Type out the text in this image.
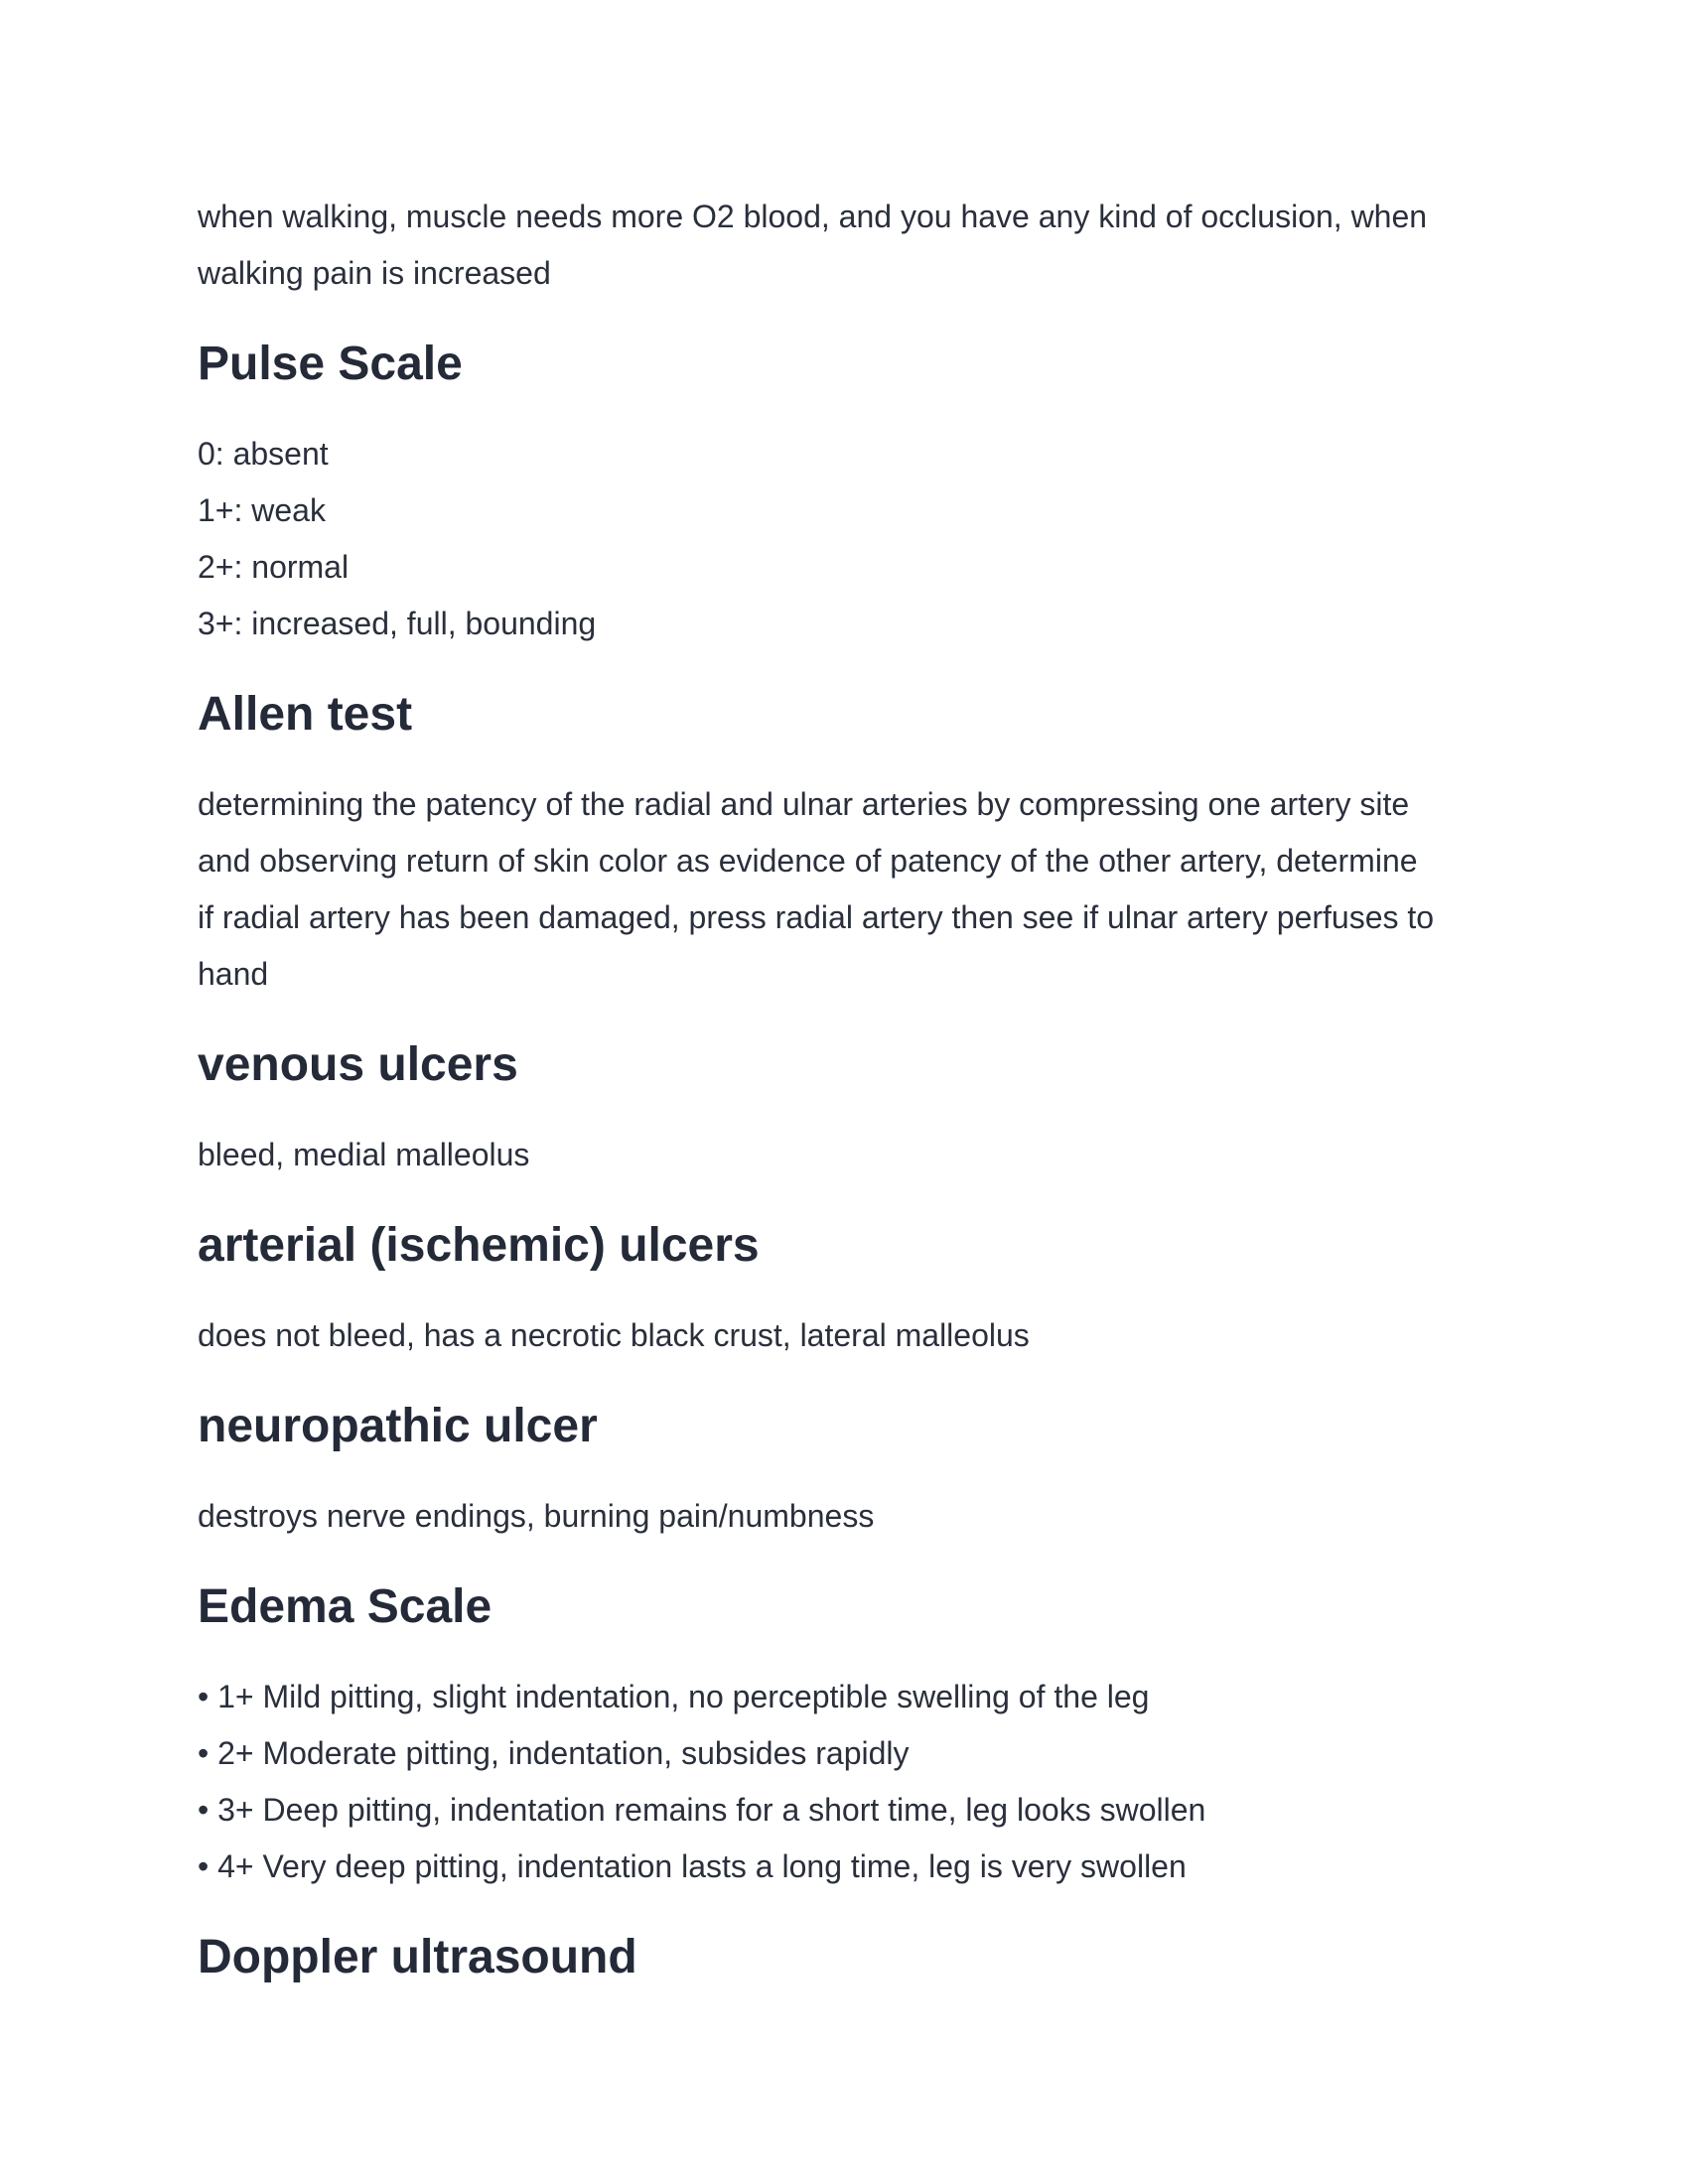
when walking, muscle needs more O2 blood, and you have any kind of occlusion, when
walking pain is increased

Pulse Scale
0: absent
1+: weak
2+: normal
3+: increased, full, bounding
Allen test

determining the patency of the radial and ulnar arteries by compressing one artery site
and observing return of skin color as evidence of patency of the other artery, determine
if radial artery has been damaged, press radial artery then see if ulnar artery perfuses to
hand

venous ulcers

bleed, medial malleolus

arterial (ischemic) ulcers

does not bleed, has a necrotic black crust, lateral malleolus

neuropathic ulcer

destroys nerve endings, burning pain/numbness

Edema Scale
• 1+ Mild pitting, slight indentation, no perceptible swelling of the leg
• 2+ Moderate pitting, indentation, subsides rapidly
• 3+ Deep pitting, indentation remains for a short time, leg looks swollen
• 4+ Very deep pitting, indentation lasts a long time, leg is very swollen
Doppler ultrasound
